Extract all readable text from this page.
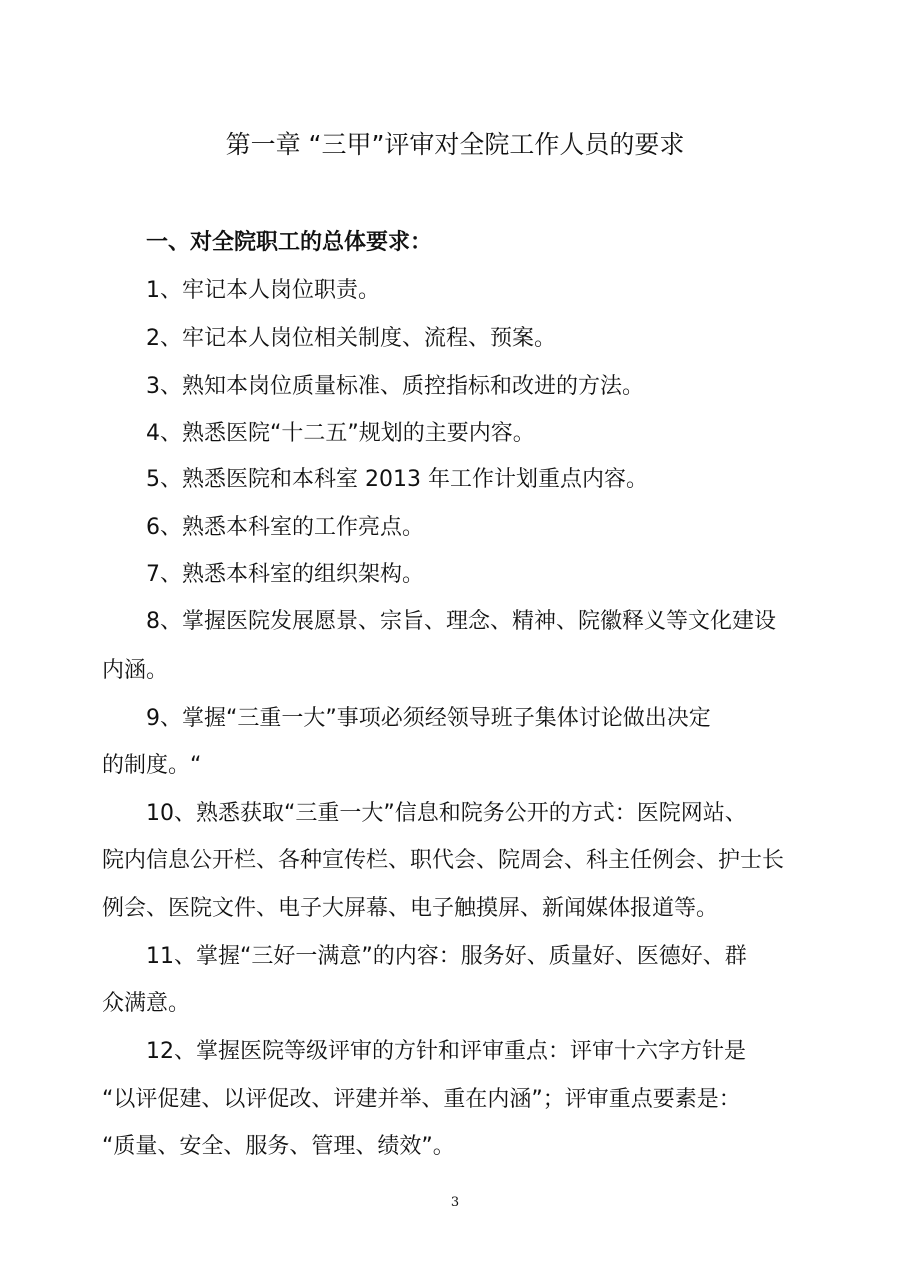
第一章 “三甲”评审对全院工作人员的要求
一、对全院职工的总体要求：
1、牢记本人岗位职责。
2、牢记本人岗位相关制度、流程、预案。
3、熟知本岗位质量标准、质控指标和改进的方法。
4、熟悉医院“十二五”规划的主要内容。
5、熟悉医院和本科室 2013 年工作计划重点内容。
6、熟悉本科室的工作亮点。
7、熟悉本科室的组织架构。
8、掌握医院发展愿景、宗旨、理念、精神、院徽释义等文化建设
内涵。
9、掌握“三重一大”事项必须经领导班子集体讨论做出决定
的制度。“
10、熟悉获取“三重一大”信息和院务公开的方式：医院网站、
院内信息公开栏、各种宣传栏、职代会、院周会、科主任例会、护士长
例会、医院文件、电子大屏幕、电子触摸屏、新闻媒体报道等。
11、掌握“三好一满意”的内容：服务好、质量好、医德好、群
众满意。
12、掌握医院等级评审的方针和评审重点：评审十六字方针是
“以评促建、以评促改、评建并举、重在内涵”；评审重点要素是：
“质量、安全、服务、管理、绩效”。
3
